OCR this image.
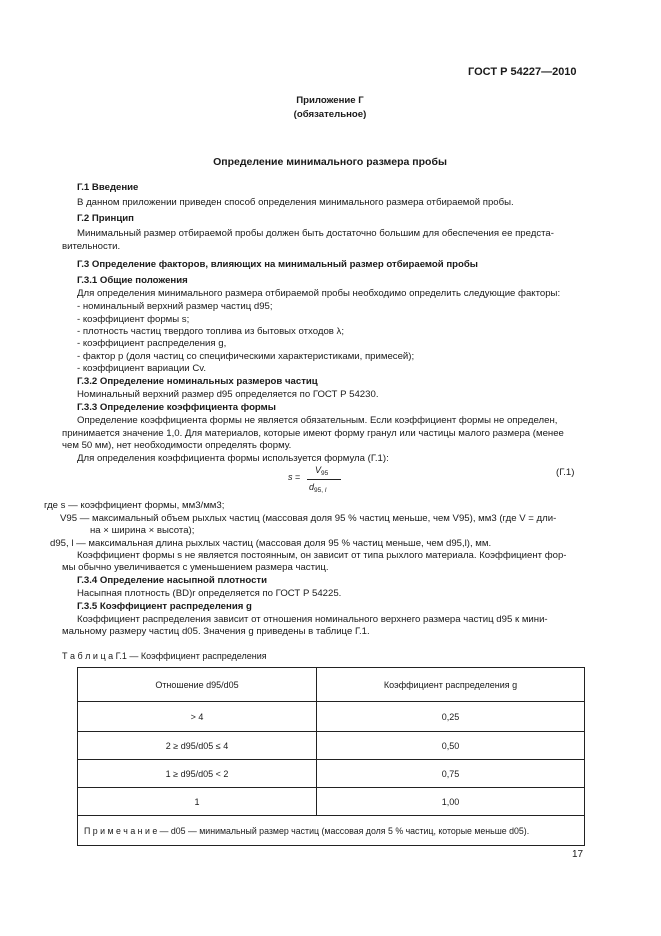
ГОСТ Р 54227—2010
Приложение Г
(обязательное)
Определение минимального размера пробы
Г.1 Введение
В данном приложении приведен способ определения минимального размера отбираемой пробы.
Г.2 Принцип
Минимальный размер отбираемой пробы должен быть достаточно большим для обеспечения ее предста-
вительности.
Г.3 Определение факторов, влияющих на минимальный размер отбираемой пробы
Г.3.1 Общие положения
Для определения минимального размера отбираемой пробы необходимо определить следующие факторы:
- номинальный верхний размер частиц d95;
- коэффициент формы s;
- плотность частиц твердого топлива из бытовых отходов λ;
- коэффициент распределения g,
- фактор p (доля частиц со специфическими характеристиками, примесей);
- коэффициент вариации Cv.
Г.3.2 Определение номинальных размеров частиц
Номинальный верхний размер d95 определяется по ГОСТ Р 54230.
Г.3.3 Определение коэффициента формы
Определение коэффициента формы не является обязательным. Если коэффициент формы не определен,
принимается значение 1,0. Для материалов, которые имеют форму гранул или частицы малого размера (менее
чем 50 мм), нет необходимости определять форму.
Для определения коэффициента формы используется формула (Г.1):
s =
$V_{95}$
$d_{95, l}$
(Г.1)
где s — коэффициент формы, мм3/мм3;
V95 — максимальный объем рыхлых частиц (массовая доля 95 % частиц меньше, чем V95), мм3 (где V = дли-
на × ширина × высота);
d95, l — максимальная длина рыхлых частиц (массовая доля 95 % частиц меньше, чем d95,l), мм.
Коэффициент формы s не является постоянным, он зависит от типа рыхлого материала. Коэффициент фор-
мы обычно увеличивается с уменьшением размера частиц.
Г.3.4 Определение насыпной плотности
Насыпная плотность (BD)r определяется по ГОСТ Р 54225.
Г.3.5 Коэффициент распределения g
Коэффициент распределения зависит от отношения номинального верхнего размера частиц d95 к мини-
мальному размеру частиц d05. Значения g приведены в таблице Г.1.
Т а б л и ц а Г.1 — Коэффициент распределения
Отношение d95/d05	Коэффициент распределения g
> 4	0,25
2 ≥ d95/d05 ≤ 4	0,50
1 ≥ d95/d05 < 2	0,75
1	1,00
П р и м е ч а н и е — d05 — минимальный размер частиц (массовая доля 5 % частиц, которые меньше d05).	
17
